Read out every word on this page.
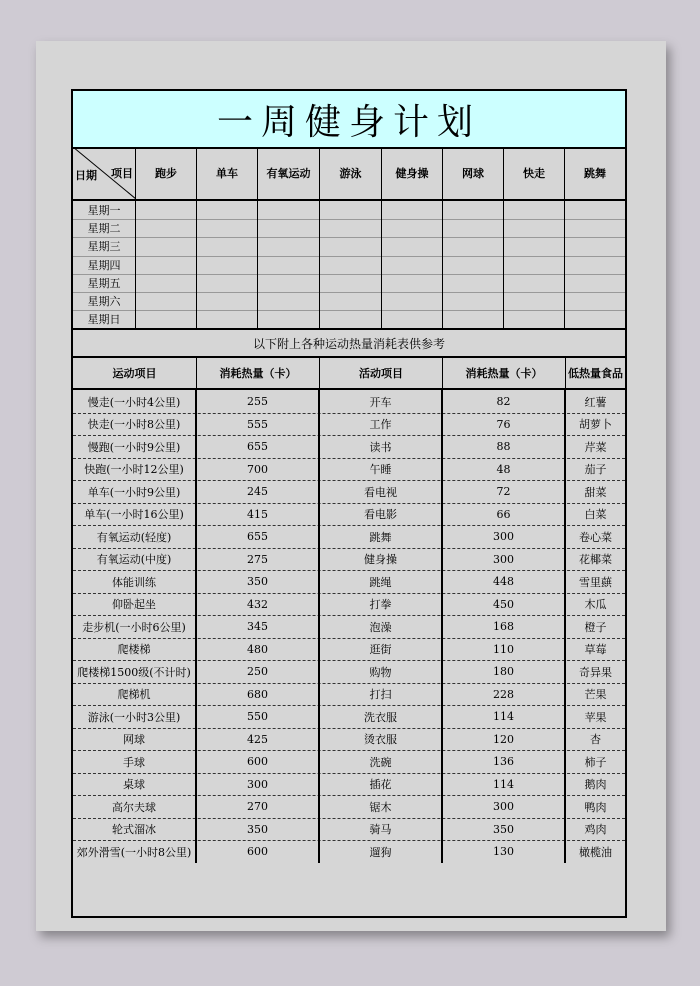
一周健身计划
日期 项目	跑步	单车	有氧运动	游泳	健身操	网球	快走	跳舞
星期一
星期二
星期三
星期四
星期五
星期六
星期日
以下附上各种运动热量消耗表供参考
运动项目	消耗热量（卡）	活动项目	消耗热量（卡）	低热量食品
慢走(一小时4公里)	255	开车	82	红薯
快走(一小时8公里)	555	工作	76	胡萝卜
慢跑(一小时9公里)	655	读书	88	芹菜
快跑(一小时12公里)	700	午睡	48	茄子
单车(一小时9公里)	245	看电视	72	甜菜
单车(一小时16公里)	415	看电影	66	白菜
有氧运动(轻度)	655	跳舞	300	卷心菜
有氧运动(中度)	275	健身操	300	花椰菜
体能训练	350	跳绳	448	雪里蕻
仰卧起坐	432	打拳	450	木瓜
走步机(一小时6公里)	345	泡澡	168	橙子
爬楼梯	480	逛街	110	草莓
爬楼梯1500级(不计时)	250	购物	180	奇异果
爬梯机	680	打扫	228	芒果
游泳(一小时3公里)	550	洗衣服	114	苹果
网球	425	烫衣服	120	杏
手球	600	洗碗	136	柿子
桌球	300	插花	114	鹅肉
高尔夫球	270	锯木	300	鸭肉
轮式溜冰	350	骑马	350	鸡肉
郊外滑雪(一小时8公里)	600	遛狗	130	橄榄油
